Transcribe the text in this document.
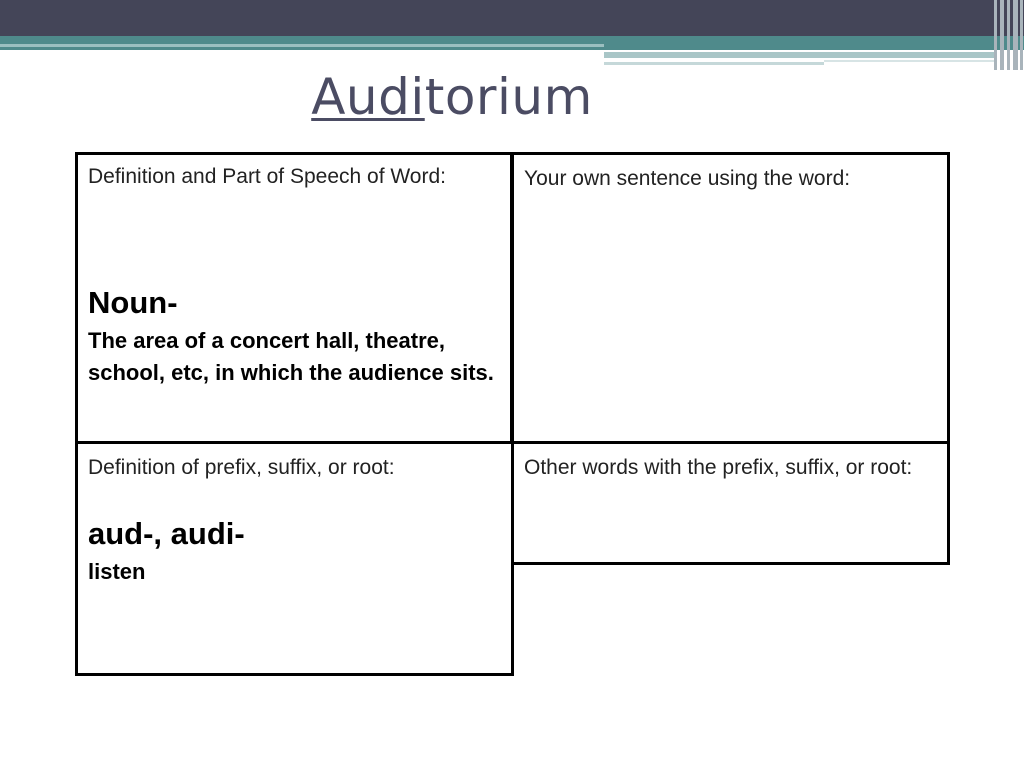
Auditorium
Definition and Part of Speech of Word:
Noun-
The area of a concert hall, theatre, school, etc, in which the audience sits.
Your own sentence using the word:
Definition of prefix, suffix, or root:
aud-, audi-
listen
Other words with the prefix, suffix, or root:
